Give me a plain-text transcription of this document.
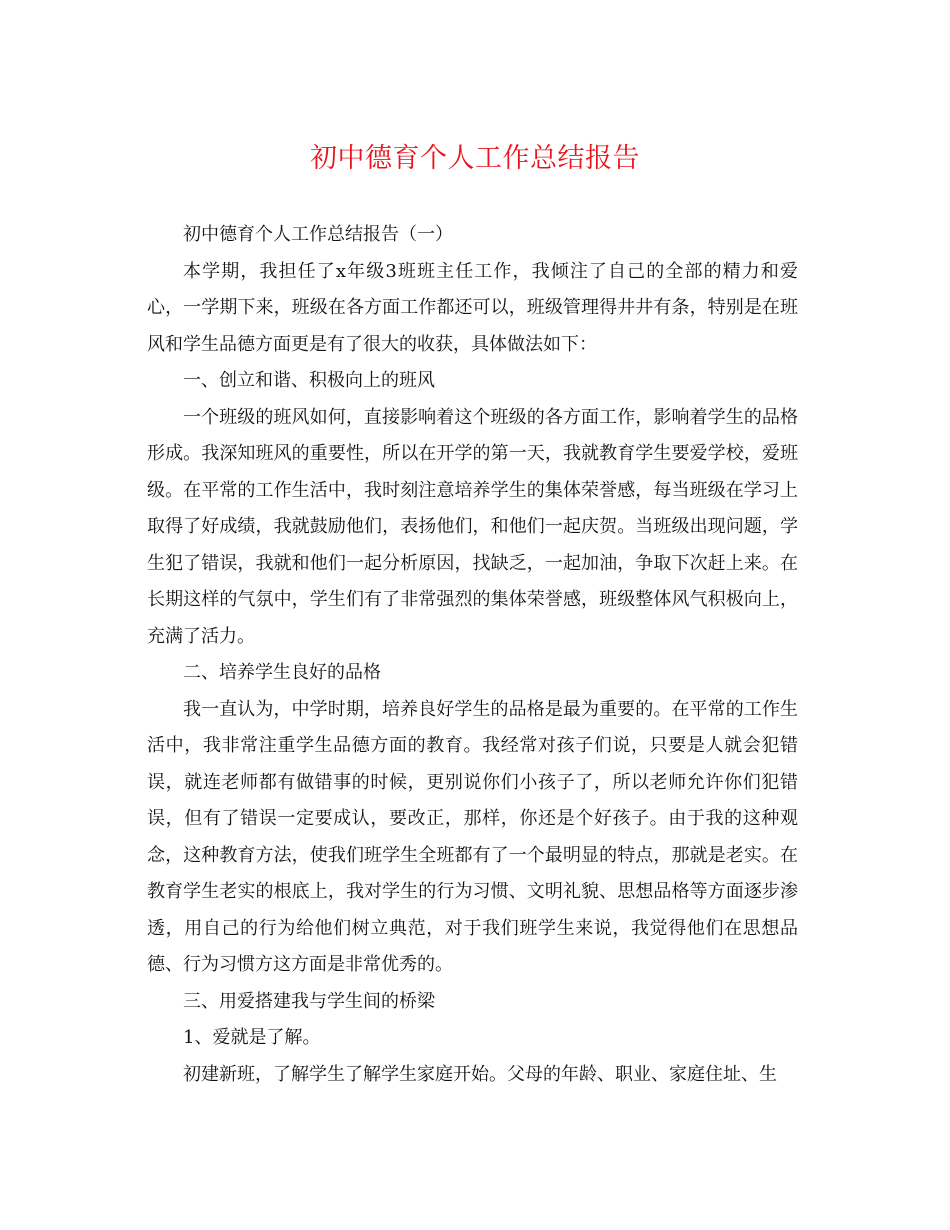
初中德育个人工作总结报告

初中德育个人工作总结报告（一）

本学期，我担任了x年级3班班主任工作，我倾注了自己的全部的精力和爱心，一学期下来，班级在各方面工作都还可以，班级管理得井井有条，特别是在班风和学生品德方面更是有了很大的收获，具体做法如下：

一、创立和谐、积极向上的班风

一个班级的班风如何，直接影响着这个班级的各方面工作，影响着学生的品格形成。我深知班风的重要性，所以在开学的第一天，我就教育学生要爱学校，爱班级。在平常的工作生活中，我时刻注意培养学生的集体荣誉感，每当班级在学习上取得了好成绩，我就鼓励他们，表扬他们，和他们一起庆贺。当班级出现问题，学生犯了错误，我就和他们一起分析原因，找缺乏，一起加油，争取下次赶上来。在长期这样的气氛中，学生们有了非常强烈的集体荣誉感，班级整体风气积极向上，充满了活力。

二、培养学生良好的品格

我一直认为，中学时期，培养良好学生的品格是最为重要的。在平常的工作生活中，我非常注重学生品德方面的教育。我经常对孩子们说，只要是人就会犯错误，就连老师都有做错事的时候，更别说你们小孩子了，所以老师允许你们犯错误，但有了错误一定要成认，要改正，那样，你还是个好孩子。由于我的这种观念，这种教育方法，使我们班学生全班都有了一个最明显的特点，那就是老实。在教育学生老实的根底上，我对学生的行为习惯、文明礼貌、思想品格等方面逐步渗透，用自己的行为给他们树立典范，对于我们班学生来说，我觉得他们在思想品德、行为习惯方这方面是非常优秀的。

三、用爱搭建我与学生间的桥梁

1、爱就是了解。

初建新班，了解学生了解学生家庭开始。父母的年龄、职业、家庭住址、生
